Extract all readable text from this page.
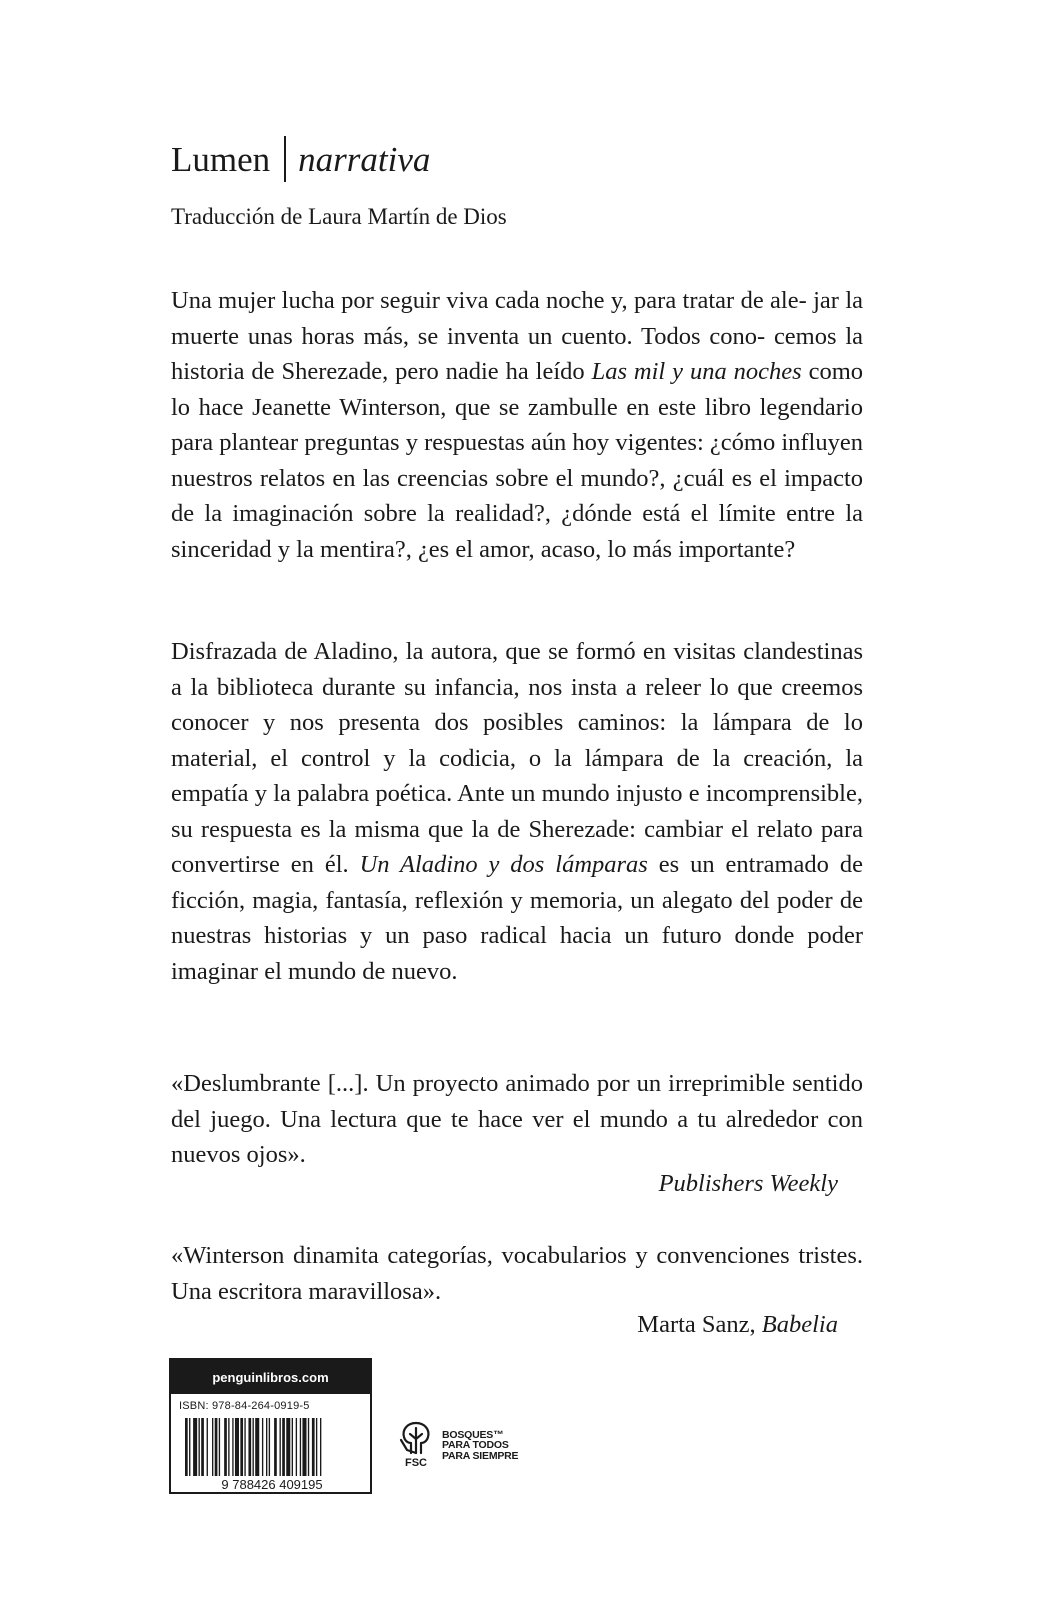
Lumen narrativa
Traducción de Laura Martín de Dios

Una mujer lucha por seguir viva cada noche y, para tratar de ale- jar la muerte unas horas más, se inventa un cuento. Todos cono- cemos la historia de Sherezade, pero nadie ha leído Las mil y una noches como lo hace Jeanette Winterson, que se zambulle en este libro legendario para plantear preguntas y respuestas aún hoy vigentes: ¿cómo influyen nuestros relatos en las creencias sobre el mundo?, ¿cuál es el impacto de la imaginación sobre la realidad?, ¿dónde está el límite entre la sinceridad y la mentira?, ¿es el amor, acaso, lo más importante?

Disfrazada de Aladino, la autora, que se formó en visitas clandestinas a la biblioteca durante su infancia, nos insta a releer lo que creemos conocer y nos presenta dos posibles caminos: la lámpara de lo material, el control y la codicia, o la lámpara de la creación, la empatía y la palabra poética. Ante un mundo injusto e incomprensible, su respuesta es la misma que la de Sherezade: cambiar el relato para convertirse en él. Un Aladino y dos lámparas es un entramado de ficción, magia, fantasía, reflexión y memoria, un alegato del poder de nuestras historias y un paso radical hacia un futuro donde poder imaginar el mundo de nuevo.

«Deslumbrante [...]. Un proyecto animado por un irreprimible sentido del juego. Una lectura que te hace ver el mundo a tu alrededor con nuevos ojos».

Publishers Weekly

«Winterson dinamita categorías, vocabularios y convenciones tristes. Una escritora maravillosa».

Marta Sanz, Babelia
penguinlibros.com
ISBN: 978-84-264-0919-5
9 788426 409195
FSC
BOSQUES™
PARA TODOS
PARA SIEMPRE
